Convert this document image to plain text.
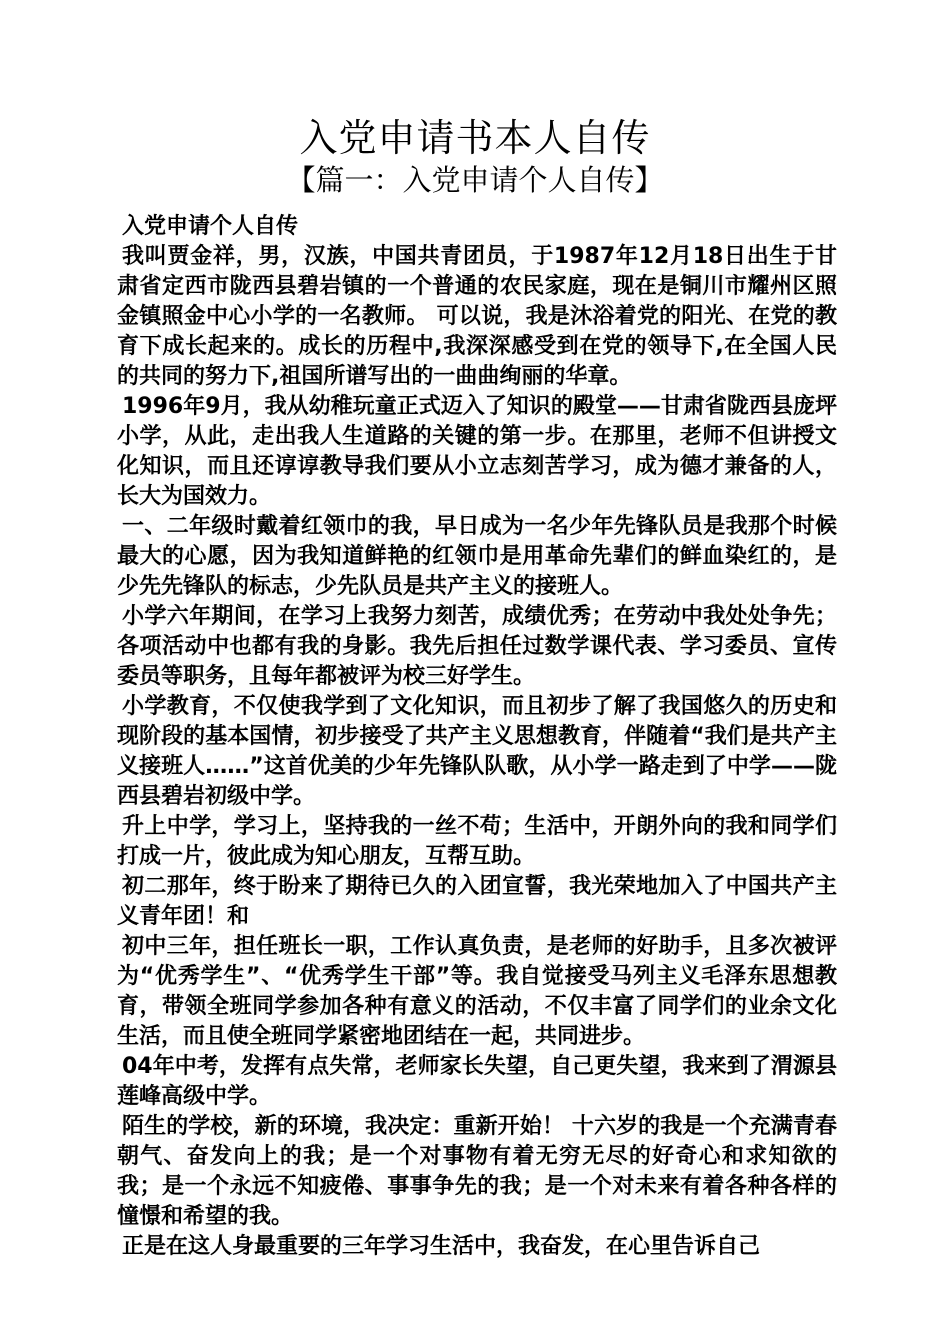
入党申请书本人自传
【篇一：入党申请个人自传】
入党申请个人自传

我叫贾金祥，男，汉族，中国共青团员，于1987年12月18日出生于甘肃省定西市陇西县碧岩镇的一个普通的农民家庭，现在是铜川市耀州区照金镇照金中心小学的一名教师。 可以说，我是沐浴着党的阳光、在党的教育下成长起来的。成长的历程中,我深深感受到在党的领导下,在全国人民的共同的努力下,祖国所谱写出的一曲曲绚丽的华章。

1996年9月，我从幼稚玩童正式迈入了知识的殿堂——甘肃省陇西县庞坪小学，从此，走出我人生道路的关键的第一步。在那里，老师不但讲授文化知识，而且还谆谆教导我们要从小立志刻苦学习，成为德才兼备的人，长大为国效力。

一、二年级时戴着红领巾的我，早日成为一名少年先锋队员是我那个时候最大的心愿，因为我知道鲜艳的红领巾是用革命先辈们的鲜血染红的，是少先先锋队的标志，少先队员是共产主义的接班人。

小学六年期间，在学习上我努力刻苦，成绩优秀；在劳动中我处处争先；各项活动中也都有我的身影。我先后担任过数学课代表、学习委员、宣传委员等职务，且每年都被评为校三好学生。

小学教育，不仅使我学到了文化知识，而且初步了解了我国悠久的历史和现阶段的基本国情，初步接受了共产主义思想教育，伴随着“我们是共产主义接班人……”这首优美的少年先锋队队歌，从小学一路走到了中学——陇西县碧岩初级中学。

升上中学，学习上，坚持我的一丝不苟；生活中，开朗外向的我和同学们打成一片，彼此成为知心朋友，互帮互助。

初二那年，终于盼来了期待已久的入团宣誓，我光荣地加入了中国共产主义青年团！和

初中三年，担任班长一职，工作认真负责，是老师的好助手，且多次被评为“优秀学生”、“优秀学生干部”等。我自觉接受马列主义毛泽东思想教育，带领全班同学参加各种有意义的活动，不仅丰富了同学们的业余文化生活，而且使全班同学紧密地团结在一起，共同进步。

04年中考，发挥有点失常，老师家长失望，自己更失望，我来到了渭源县莲峰高级中学。

陌生的学校，新的环境，我决定：重新开始！ 十六岁的我是一个充满青春朝气、奋发向上的我；是一个对事物有着无穷无尽的好奇心和求知欲的我；是一个永远不知疲倦、事事争先的我；是一个对未来有着各种各样的憧憬和希望的我。

正是在这人身最重要的三年学习生活中，我奋发，在心里告诉自己
